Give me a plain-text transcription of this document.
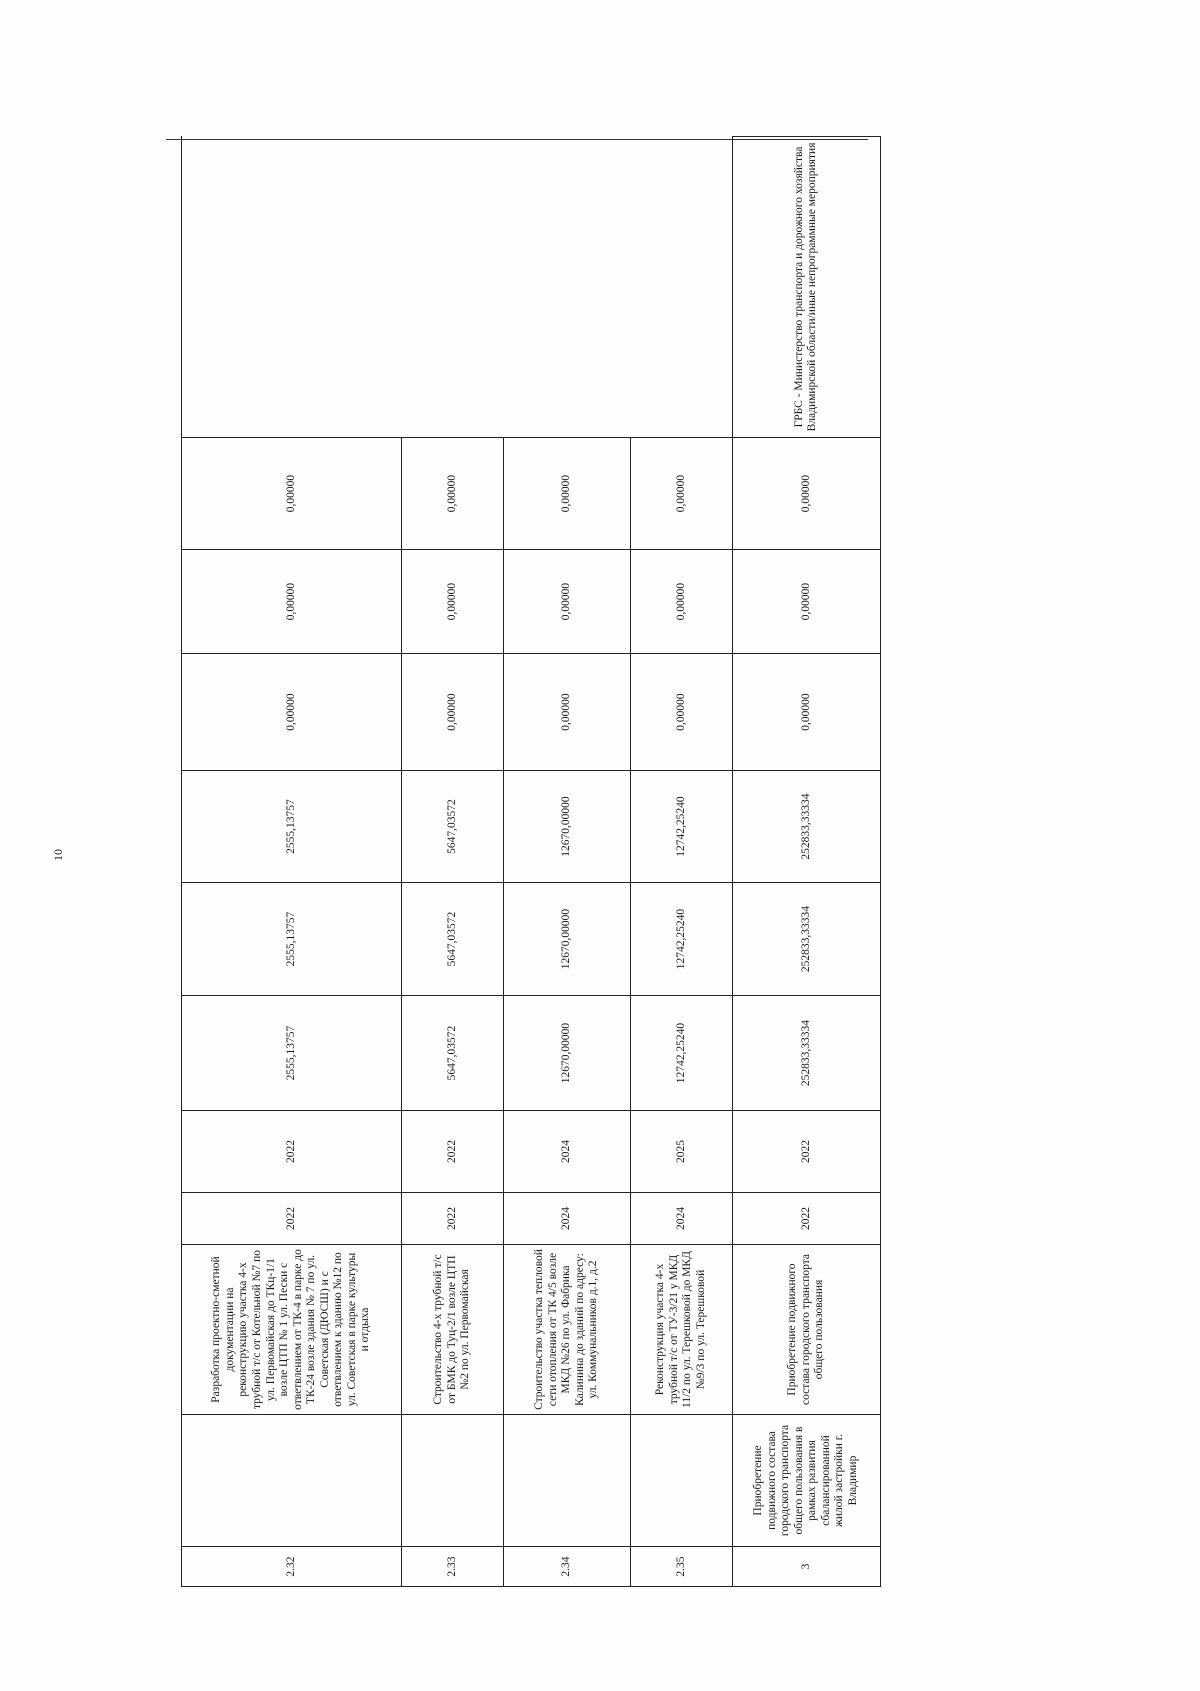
10
2.32		Разработка проектно-сметной документации на реконструкцию участка 4-х трубной т/с от Котельной №7 по ул. Первомайская до ТКц-1/1 возле ЦТП № 1 ул. Пески с ответвлением от ТК-4 в парке до ТК-24 возле здания № 7 по ул. Советская (ДЮСШ) и с ответвлением к зданию №12 по ул. Советская в парке культуры и отдыха	2022	2022	2555,13757	2555,13757	2555,13757	0,00000	0,00000	0,00000	
2.33		Строительство 4-х трубной т/с от БМК до Туц-2/1 возле ЦТП №2 по ул. Первомайская	2022	2022	5647,03572	5647,03572	5647,03572	0,00000	0,00000	0,00000	
2.34		Строительство участка тепловой сети отопления от ТК 4/5 возле МКД №26 по ул. Фабрика Калинина до зданий по адресу: ул. Коммунальников д.1, д.2	2024	2024	12670,00000	12670,00000	12670,00000	0,00000	0,00000	0,00000	
2.35		Реконструкция участка 4-х трубной т/с от ТУ-3/21 у МКД 11/2 по ул. Терешковой до МКД №9/3 по ул. Терешковой	2024	2025	12742,25240	12742,25240	12742,25240	0,00000	0,00000	0,00000	
3	Приобретение подвижного состава городского транспорта общего пользования в рамках развития сбалансированной жилой застройки г. Владимир	Приобретение подвижного состава городского транспорта общего пользования	2022	2022	252833,33334	252833,33334	252833,33334	0,00000	0,00000	0,00000	ГРБС - Министерство транспорта и дорожного хозяйства Владимирской области/иные непрограммные мероприятия
